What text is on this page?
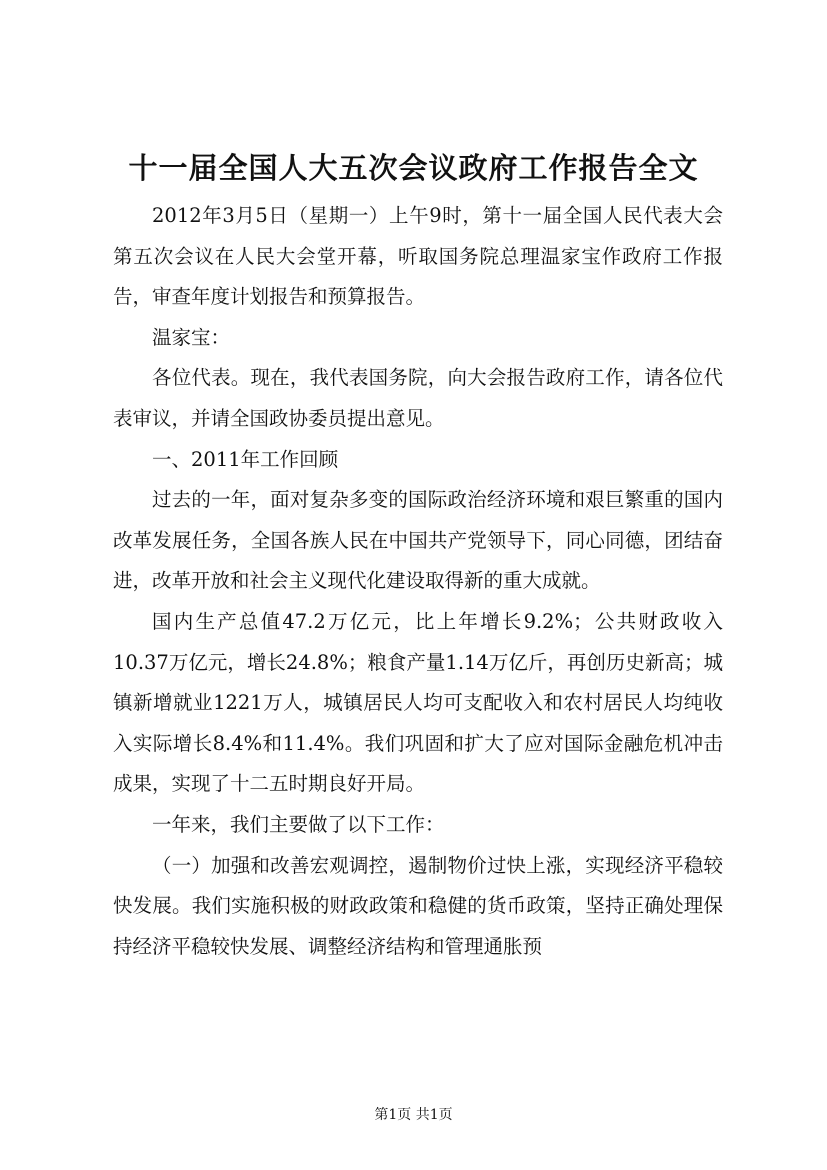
十一届全国人大五次会议政府工作报告全文

2012年3月5日（星期一）上午9时，第十一届全国人民代表大会第五次会议在人民大会堂开幕，听取国务院总理温家宝作政府工作报告，审查年度计划报告和预算报告。

温家宝：

各位代表。现在，我代表国务院，向大会报告政府工作，请各位代表审议，并请全国政协委员提出意见。

一、2011年工作回顾

过去的一年，面对复杂多变的国际政治经济环境和艰巨繁重的国内改革发展任务，全国各族人民在中国共产党领导下，同心同德，团结奋进，改革开放和社会主义现代化建设取得新的重大成就。

国内生产总值47.2万亿元，比上年增长9.2%；公共财政收入10.37万亿元，增长24.8%；粮食产量1.14万亿斤，再创历史新高；城镇新增就业1221万人，城镇居民人均可支配收入和农村居民人均纯收入实际增长8.4%和11.4%。我们巩固和扩大了应对国际金融危机冲击成果，实现了十二五时期良好开局。

一年来，我们主要做了以下工作：

（一）加强和改善宏观调控，遏制物价过快上涨，实现经济平稳较快发展。我们实施积极的财政政策和稳健的货币政策，坚持正确处理保持经济平稳较快发展、调整经济结构和管理通胀预

第1页 共1页
